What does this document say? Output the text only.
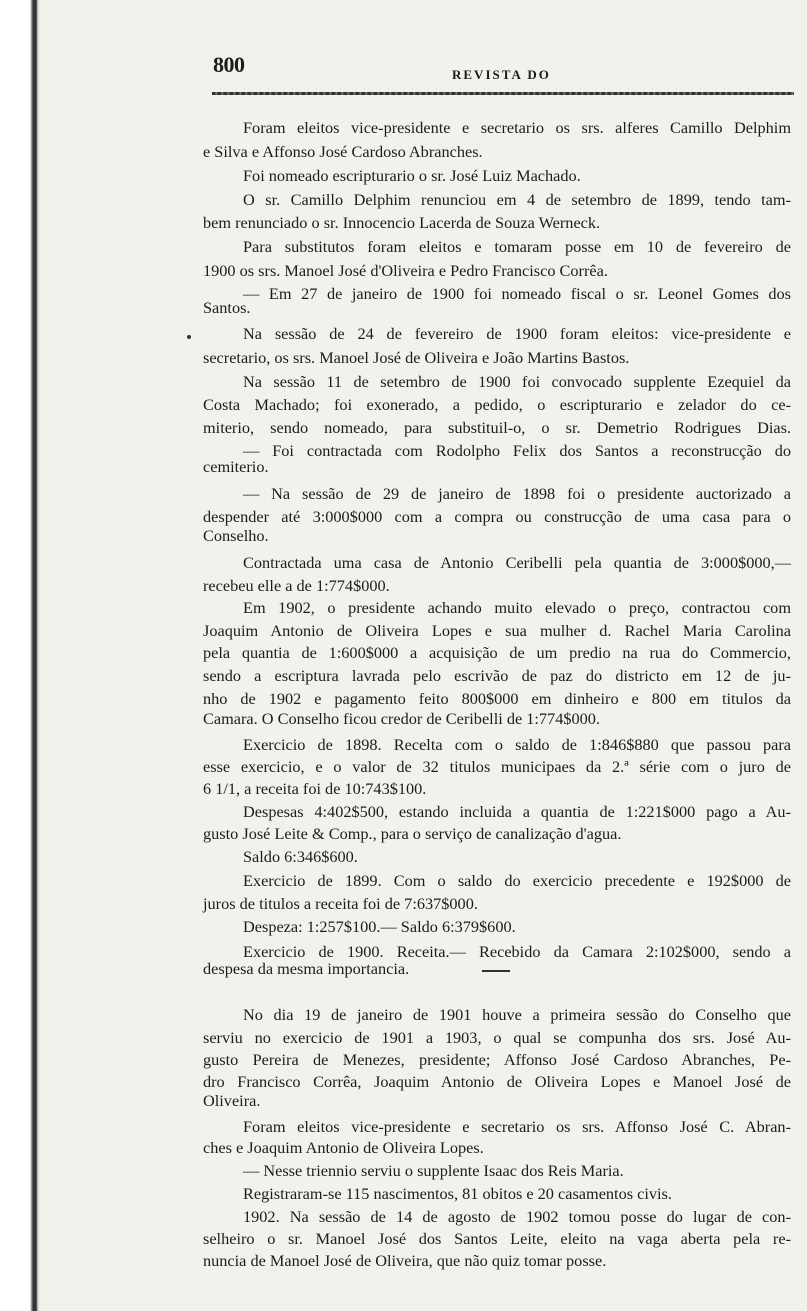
800	REVISTA DO
Foram eleitos vice-presidente e secretario os srs. alferes Camillo Delphim
e Silva e Affonso José Cardoso Abranches.
Foi nomeado escripturario o sr. José Luiz Machado.
O sr. Camillo Delphim renunciou em 4 de setembro de 1899, tendo tam-
bem renunciado o sr. Innocencio Lacerda de Souza Werneck.
Para substitutos foram eleitos e tomaram posse em 10 de fevereiro de
1900 os srs. Manoel José d'Oliveira e Pedro Francisco Corrêa.
— Em 27 de janeiro de 1900 foi nomeado fiscal o sr. Leonel Gomes dos
Santos.
Na sessão de 24 de fevereiro de 1900 foram eleitos: vice-presidente e
secretario, os srs. Manoel José de Oliveira e João Martins Bastos.
Na sessão 11 de setembro de 1900 foi convocado supplente Ezequiel da
Costa Machado; foi exonerado, a pedido, o escripturario e zelador do ce-
miterio, sendo nomeado, para substituil-o, o sr. Demetrio Rodrigues Dias.
— Foi contractada com Rodolpho Felix dos Santos a reconstrucção do
cemiterio.
— Na sessão de 29 de janeiro de 1898 foi o presidente auctorizado a
despender até 3:000$000 com a compra ou construcção de uma casa para o
Conselho.
Contractada uma casa de Antonio Ceribelli pela quantia de 3:000$000,—
recebeu elle a de 1:774$000.
Em 1902, o presidente achando muito elevado o preço, contractou com
Joaquim Antonio de Oliveira Lopes e sua mulher d. Rachel Maria Carolina
pela quantia de 1:600$000 a acquisição de um predio na rua do Commercio,
sendo a escriptura lavrada pelo escrivão de paz do districto em 12 de ju-
nho de 1902 e pagamento feito 800$000 em dinheiro e 800 em titulos da
Camara. O Conselho ficou credor de Ceribelli de 1:774$000.
Exercicio de 1898. Recelta com o saldo de 1:846$880 que passou para
esse exercicio, e o valor de 32 titulos municipaes da 2.ª série com o juro de
6 1/1, a receita foi de 10:743$100.
Despesas 4:402$500, estando incluida a quantia de 1:221$000 pago a Au-
gusto José Leite & Comp., para o serviço de canalização d'agua.
Saldo 6:346$600.
Exercicio de 1899. Com o saldo do exercicio precedente e 192$000 de
juros de titulos a receita foi de 7:637$000.
Despeza: 1:257$100.— Saldo 6:379$600.
Exercicio de 1900. Receita.— Recebido da Camara 2:102$000, sendo a
despesa da mesma importancia.
No dia 19 de janeiro de 1901 houve a primeira sessão do Conselho que
serviu no exercicio de 1901 a 1903, o qual se compunha dos srs. José Au-
gusto Pereira de Menezes, presidente; Affonso José Cardoso Abranches, Pe-
dro Francisco Corrêa, Joaquim Antonio de Oliveira Lopes e Manoel José de
Oliveira.
Foram eleitos vice-presidente e secretario os srs. Affonso José C. Abran-
ches e Joaquim Antonio de Oliveira Lopes.
— Nesse triennio serviu o supplente Isaac dos Reis Maria.
Registraram-se 115 nascimentos, 81 obitos e 20 casamentos civis.
1902. Na sessão de 14 de agosto de 1902 tomou posse do lugar de con-
selheiro o sr. Manoel José dos Santos Leite, eleito na vaga aberta pela re-
nuncia de Manoel José de Oliveira, que não quiz tomar posse.
